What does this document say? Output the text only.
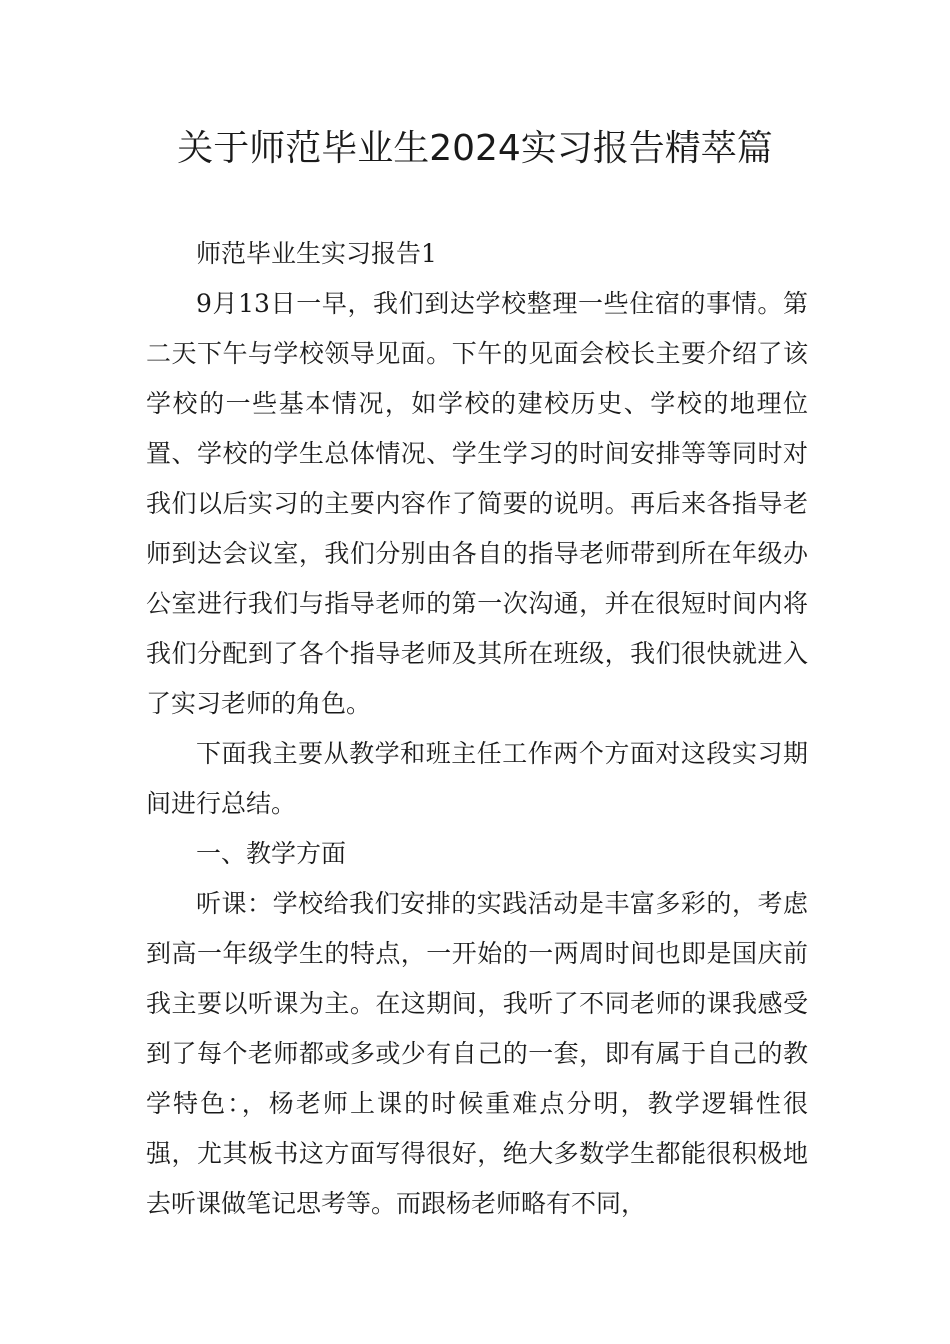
关于师范毕业生2024实习报告精萃篇

师范毕业生实习报告1

9月13日一早，我们到达学校整理一些住宿的事情。第二天下午与学校领导见面。下午的见面会校长主要介绍了该学校的一些基本情况，如学校的建校历史、学校的地理位置、学校的学生总体情况、学生学习的时间安排等等同时对我们以后实习的主要内容作了简要的说明。再后来各指导老师到达会议室，我们分别由各自的指导老师带到所在年级办公室进行我们与指导老师的第一次沟通，并在很短时间内将我们分配到了各个指导老师及其所在班级，我们很快就进入了实习老师的角色。

下面我主要从教学和班主任工作两个方面对这段实习期间进行总结。

一、教学方面

听课：学校给我们安排的实践活动是丰富多彩的，考虑到高一年级学生的特点，一开始的一两周时间也即是国庆前我主要以听课为主。在这期间，我听了不同老师的课我感受到了每个老师都或多或少有自己的一套，即有属于自己的教学特色：，杨老师上课的时候重难点分明，教学逻辑性很强，尤其板书这方面写得很好，绝大多数学生都能很积极地去听课做笔记思考等。而跟杨老师略有不同，
